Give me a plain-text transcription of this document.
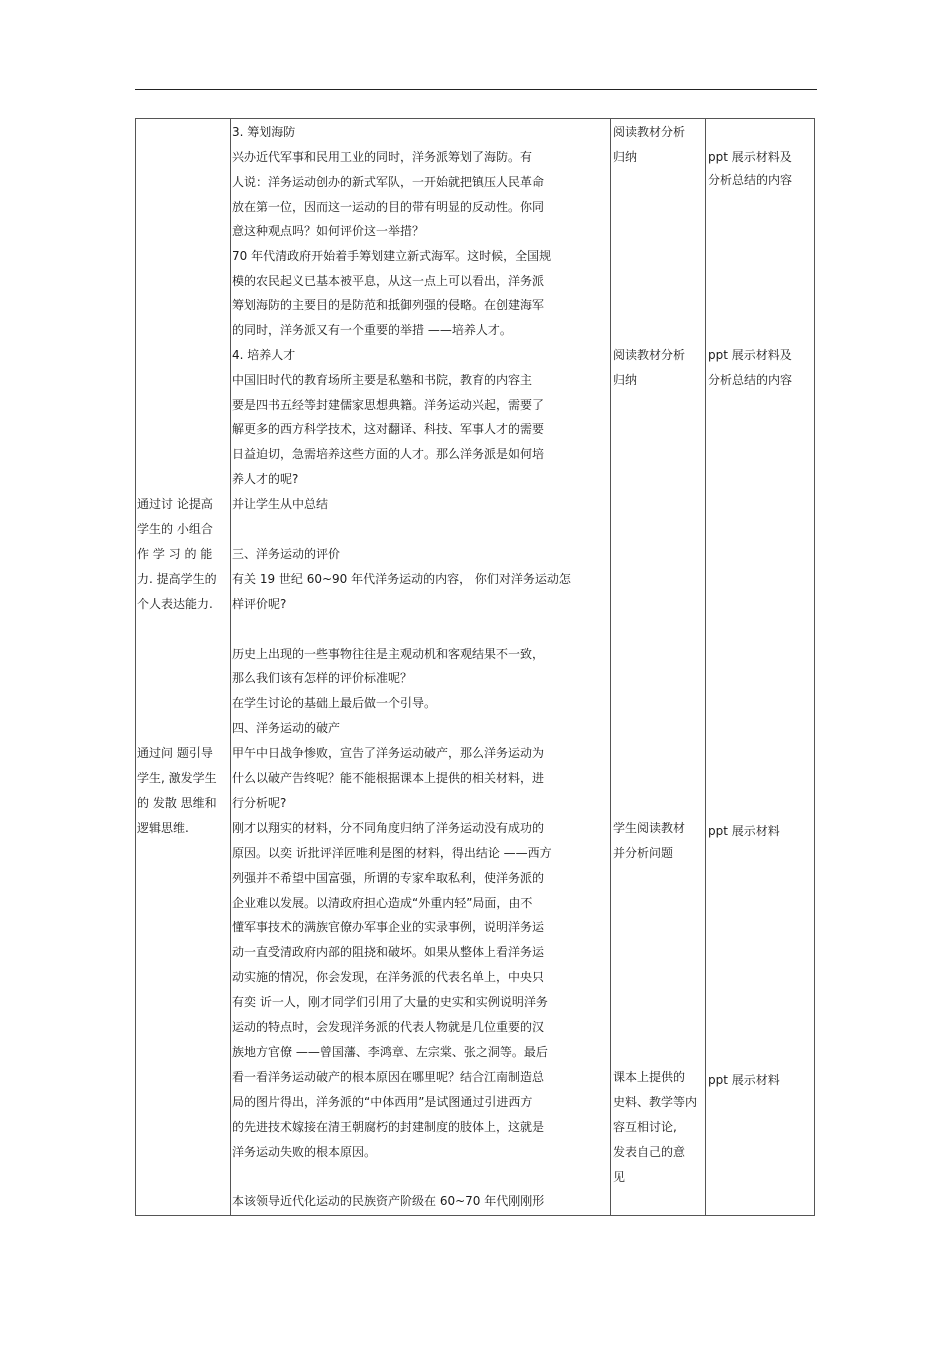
通过讨 论提高
学生的 小组合
作 学 习 的 能
力. 提高学生的
个人表达能力.
通过问 题引导
学生, 激发学生
的 发散 思维和
逻辑思维.
3. 筹划海防
兴办近代军事和民用工业的同时，洋务派筹划了海防。有
人说：洋务运动创办的新式军队，一开始就把镇压人民革命
放在第一位，因而这一运动的目的带有明显的反动性。你同
意这种观点吗？如何评价这一举措？
70 年代清政府开始着手筹划建立新式海军。这时候，全国规
模的农民起义已基本被平息，从这一点上可以看出，洋务派
筹划海防的主要目的是防范和抵御列强的侵略。在创建海军
的同时，洋务派又有一个重要的举措 ——培养人才。
4. 培养人才
中国旧时代的教育场所主要是私塾和书院，教育的内容主
要是四书五经等封建儒家思想典籍。洋务运动兴起，需要了
解更多的西方科学技术，这对翻译、科技、军事人才的需要
日益迫切，急需培养这些方面的人才。那么洋务派是如何培
养人才的呢?
并让学生从中总结
三、洋务运动的评价
有关 19 世纪 60~90 年代洋务运动的内容， 你们对洋务运动怎
样评价呢?
历史上出现的一些事物往往是主观动机和客观结果不一致，
那么我们该有怎样的评价标准呢？
在学生讨论的基础上最后做一个引导。
四、洋务运动的破产
甲午中日战争惨败，宣告了洋务运动破产，那么洋务运动为
什么以破产告终呢？能不能根据课本上提供的相关材料，进
行分析呢?
刚才以翔实的材料，分不同角度归纳了洋务运动没有成功的
原因。以奕 䜣批评洋匠唯利是图的材料，得出结论 ——西方
列强并不希望中国富强，所谓的专家牟取私利，使洋务派的
企业难以发展。以清政府担心造成“外重内轻”局面，由不
懂军事技术的满族官僚办军事企业的实录事例，说明洋务运
动一直受清政府内部的阻挠和破坏。如果从整体上看洋务运
动实施的情况，你会发现，在洋务派的代表名单上，中央只
有奕 䜣一人，刚才同学们引用了大量的史实和实例说明洋务
运动的特点时，会发现洋务派的代表人物就是几位重要的汉
族地方官僚 ——曾国藩、李鸿章、左宗棠、张之洞等。最后
看一看洋务运动破产的根本原因在哪里呢？结合江南制造总
局的图片得出，洋务派的“中体西用”是试图通过引进西方
的先进技术嫁接在清王朝腐朽的封建制度的肢体上，这就是
洋务运动失败的根本原因。
本该领导近代化运动的民族资产阶级在 60~70 年代刚刚形
阅读教材分析
归纳
阅读教材分析
归纳
学生阅读教材
并分析问题
课本上提供的
史料、教学等内
容互相讨论,
发表自己的意
见
ppt 展示材料及
分析总结的内容
ppt 展示材料及
分析总结的内容
ppt 展示材料
ppt 展示材料
